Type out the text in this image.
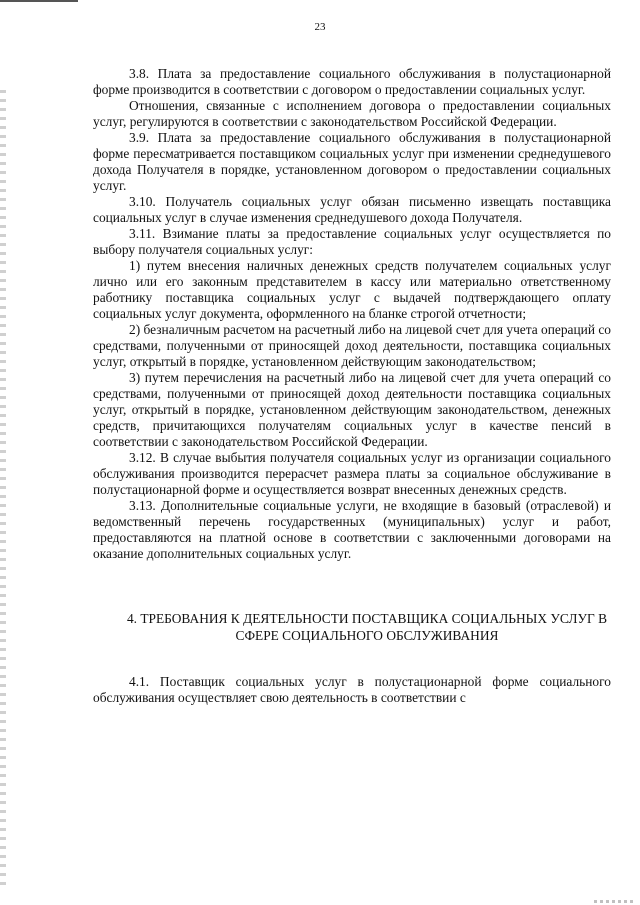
23

3.8. Плата за предоставление социального обслуживания в полустационарной форме производится в соответствии с договором о предоставлении социальных услуг.

Отношения, связанные с исполнением договора о предоставлении социальных услуг, регулируются в соответствии с законодательством Российской Федерации.

3.9. Плата за предоставление социального обслуживания в полустационарной форме пересматривается поставщиком социальных услуг при изменении среднедушевого дохода Получателя в порядке, установленном договором о предоставлении социальных услуг.

3.10. Получатель социальных услуг обязан письменно извещать поставщика социальных услуг в случае изменения среднедушевого дохода Получателя.

3.11. Взимание платы за предоставление социальных услуг осуществляется по выбору получателя социальных услуг:

1) путем внесения наличных денежных средств получателем социальных услуг лично или его законным представителем в кассу или материально ответственному работнику поставщика социальных услуг с выдачей подтверждающего оплату социальных услуг документа, оформленного на бланке строгой отчетности;

2) безналичным расчетом на расчетный либо на лицевой счет для учета операций со средствами, полученными от приносящей доход деятельности, поставщика социальных услуг, открытый в порядке, установленном действующим законодательством;

3) путем перечисления на расчетный либо на лицевой счет для учета операций со средствами, полученными от приносящей доход деятельности поставщика социальных услуг, открытый в порядке, установленном действующим законодательством, денежных средств, причитающихся получателям социальных услуг в качестве пенсий в соответствии с законодательством Российской Федерации.

3.12. В случае выбытия получателя социальных услуг из организации социального обслуживания производится перерасчет размера платы за социальное обслуживание в полустационарной форме и осуществляется возврат внесенных денежных средств.

3.13. Дополнительные социальные услуги, не входящие в базовый (отраслевой) и ведомственный перечень государственных (муниципальных) услуг и работ, предоставляются на платной основе в соответствии с заключенными договорами на оказание дополнительных социальных услуг.

4. ТРЕБОВАНИЯ К ДЕЯТЕЛЬНОСТИ ПОСТАВЩИКА СОЦИАЛЬНЫХ УСЛУГ В СФЕРЕ СОЦИАЛЬНОГО ОБСЛУЖИВАНИЯ

4.1. Поставщик социальных услуг в полустационарной форме социального обслуживания осуществляет свою деятельность в соответствии с
